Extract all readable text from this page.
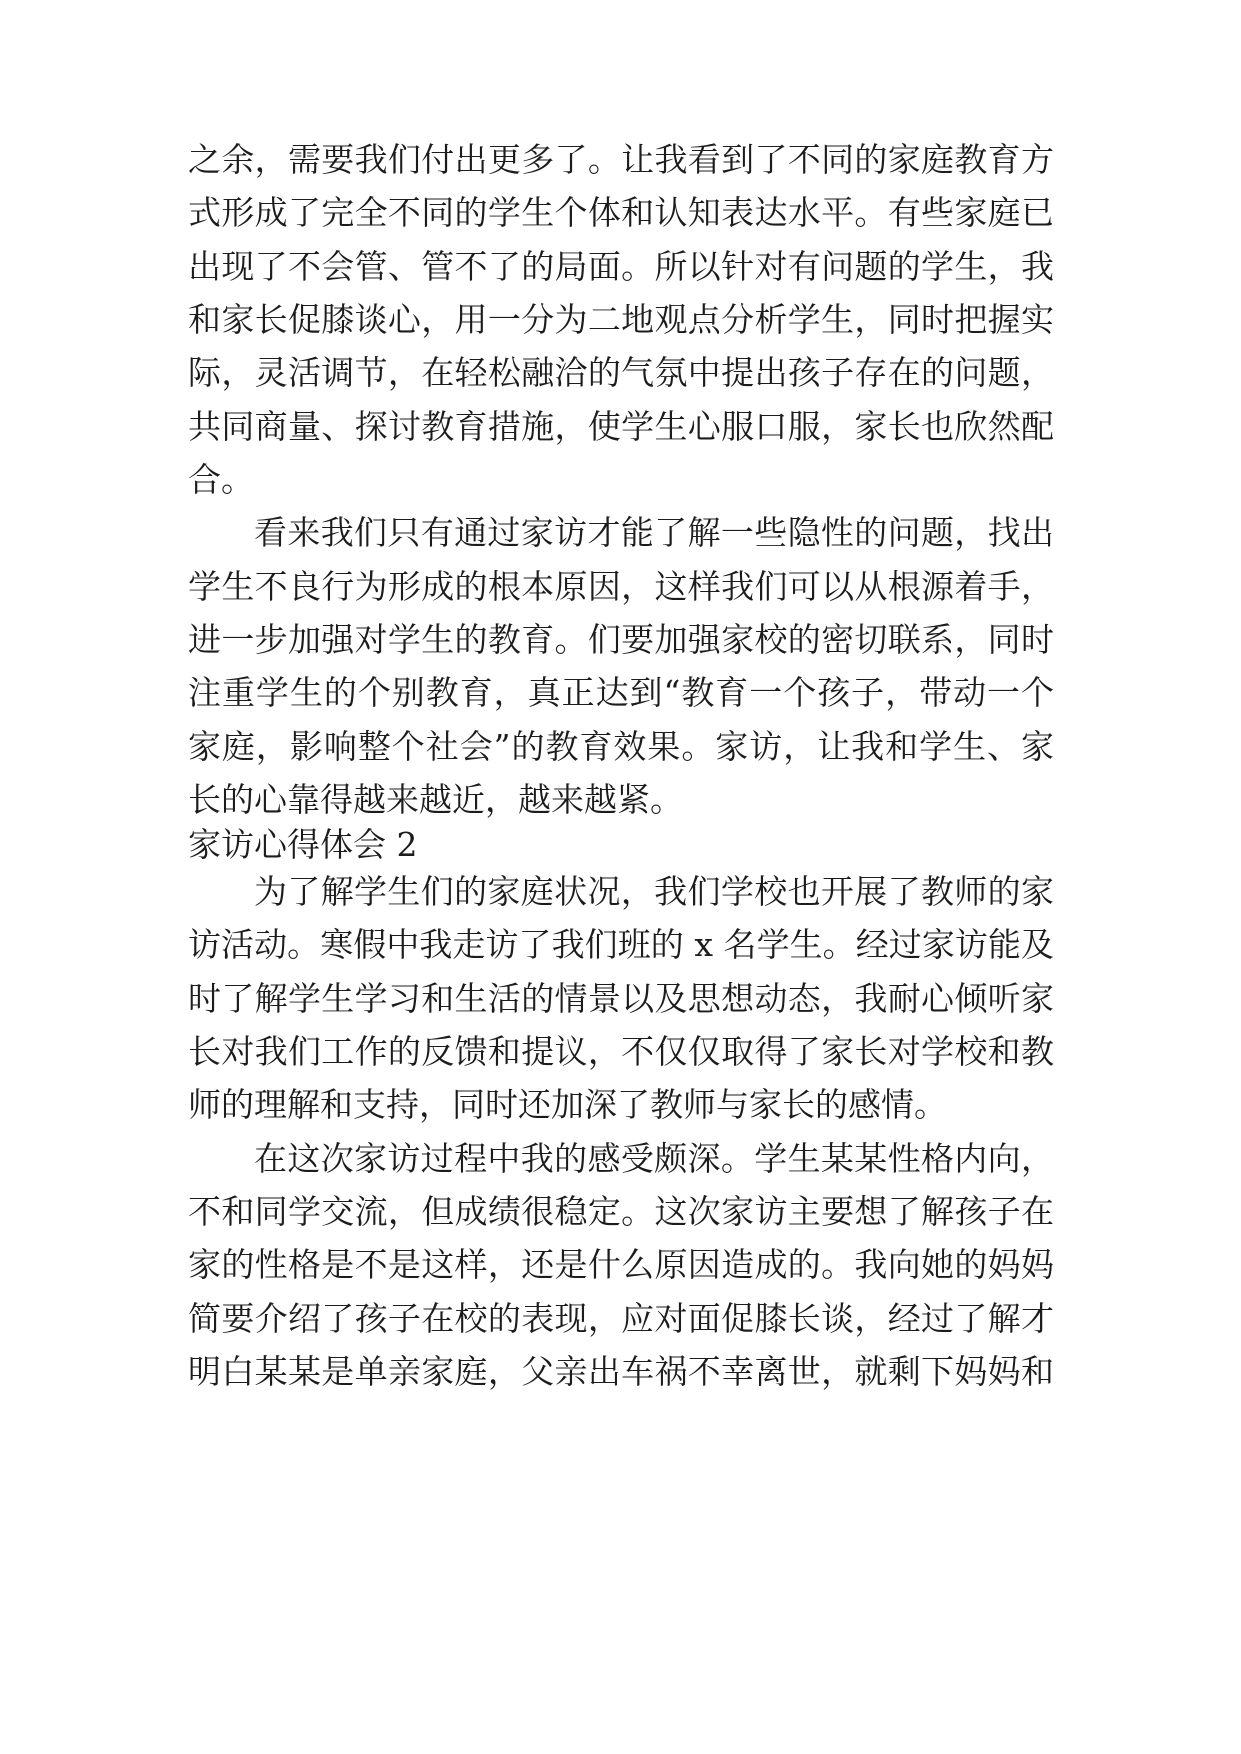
之余，需要我们付出更多了。让我看到了不同的家庭教育方
式形成了完全不同的学生个体和认知表达水平。有些家庭已
出现了不会管、管不了的局面。所以针对有问题的学生，我
和家长促膝谈心，用一分为二地观点分析学生，同时把握实
际，灵活调节，在轻松融洽的气氛中提出孩子存在的问题，
共同商量、探讨教育措施，使学生心服口服，家长也欣然配
合。
看来我们只有通过家访才能了解一些隐性的问题，找出
学生不良行为形成的根本原因，这样我们可以从根源着手，
进一步加强对学生的教育。们要加强家校的密切联系，同时
注重学生的个别教育，真正达到“教育一个孩子，带动一个
家庭，影响整个社会”的教育效果。家访，让我和学生、家
长的心靠得越来越近，越来越紧。
家访心得体会 2
为了解学生们的家庭状况，我们学校也开展了教师的家
访活动。寒假中我走访了我们班的 x 名学生。经过家访能及
时了解学生学习和生活的情景以及思想动态，我耐心倾听家
长对我们工作的反馈和提议，不仅仅取得了家长对学校和教
师的理解和支持，同时还加深了教师与家长的感情。
在这次家访过程中我的感受颇深。学生某某性格内向，
不和同学交流，但成绩很稳定。这次家访主要想了解孩子在
家的性格是不是这样，还是什么原因造成的。我向她的妈妈
简要介绍了孩子在校的表现，应对面促膝长谈，经过了解才
明白某某是单亲家庭，父亲出车祸不幸离世，就剩下妈妈和
